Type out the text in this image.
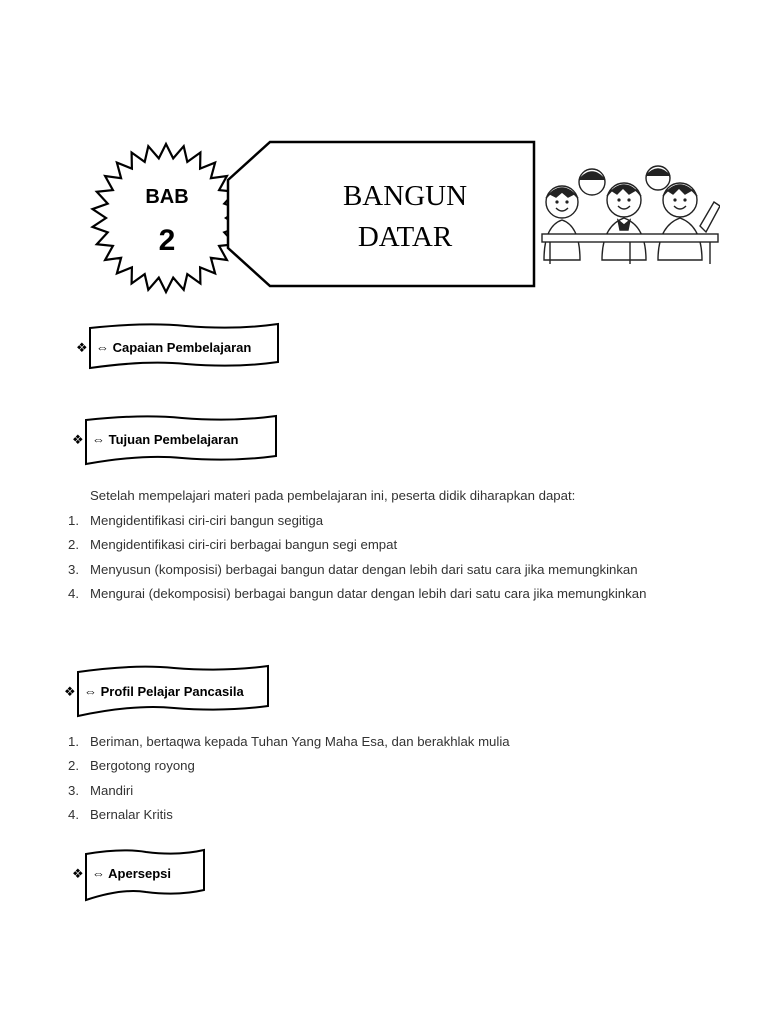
BAB
2
BANGUN
DATAR
❖ ⇔ Capaian Pembelajaran
❖ ⇔ Tujuan Pembelajaran
Setelah mempelajari materi pada pembelajaran ini, peserta didik diharapkan dapat:
1. Mengidentifikasi ciri-ciri bangun segitiga
2. Mengidentifikasi ciri-ciri berbagai bangun segi empat
3. Menyusun (komposisi) berbagai bangun datar dengan lebih dari satu cara jika memungkinkan
4. Mengurai (dekomposisi) berbagai bangun datar dengan lebih dari satu cara jika memungkinkan
❖ ⇔ Profil Pelajar Pancasila
1. Beriman, bertaqwa kepada Tuhan Yang Maha Esa, dan berakhlak mulia
2. Bergotong royong
3. Mandiri
4. Bernalar Kritis
❖ ⇔ Apersepsi
